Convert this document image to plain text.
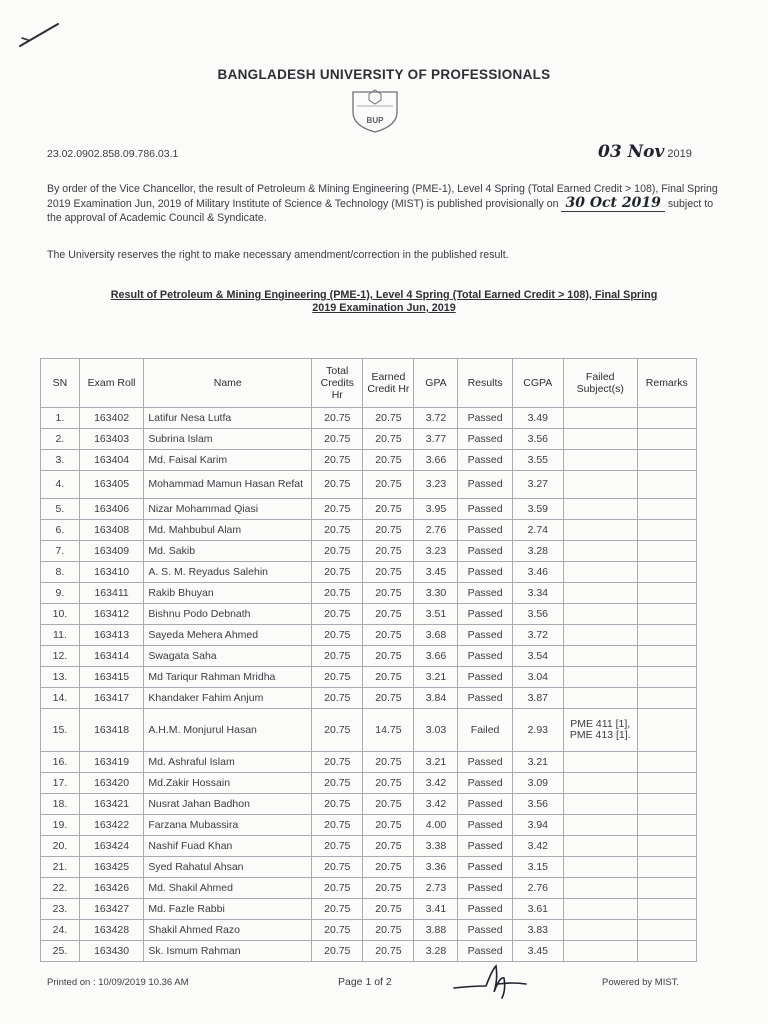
BANGLADESH UNIVERSITY OF PROFESSIONALS
BUP
23.02.0902.858.09.786.03.1	03 Nov 2019
By order of the Vice Chancellor, the result of Petroleum & Mining Engineering (PME-1), Level 4 Spring (Total Earned Credit > 108), Final Spring 2019 Examination Jun, 2019 of Military Institute of Science & Technology (MIST) is published provisionally on 30 Oct 2019 subject to the approval of Academic Council & Syndicate.
The University reserves the right to make necessary amendment/correction in the published result.
Result of Petroleum & Mining Engineering (PME-1), Level 4 Spring (Total Earned Credit > 108), Final Spring
2019 Examination Jun, 2019
SN	Exam Roll	Name	Total Credits Hr	Earned Credit Hr	GPA	Results	CGPA	Failed Subject(s)	Remarks
1.	163402	Latifur Nesa Lutfa	20.75	20.75	3.72	Passed	3.49		
2.	163403	Subrina Islam	20.75	20.75	3.77	Passed	3.56		
3.	163404	Md. Faisal Karim	20.75	20.75	3.66	Passed	3.55		
4.	163405	Mohammad Mamun Hasan Refat	20.75	20.75	3.23	Passed	3.27		
5.	163406	Nizar Mohammad Qiasi	20.75	20.75	3.95	Passed	3.59		
6.	163408	Md. Mahbubul Alam	20.75	20.75	2.76	Passed	2.74		
7.	163409	Md. Sakib	20.75	20.75	3.23	Passed	3.28		
8.	163410	A. S. M. Reyadus Salehin	20.75	20.75	3.45	Passed	3.46		
9.	163411	Rakib Bhuyan	20.75	20.75	3.30	Passed	3.34		
10.	163412	Bishnu Podo Debnath	20.75	20.75	3.51	Passed	3.56		
11.	163413	Sayeda Mehera Ahmed	20.75	20.75	3.68	Passed	3.72		
12.	163414	Swagata Saha	20.75	20.75	3.66	Passed	3.54		
13.	163415	Md Tariqur Rahman Mridha	20.75	20.75	3.21	Passed	3.04		
14.	163417	Khandaker Fahim Anjum	20.75	20.75	3.84	Passed	3.87		
15.	163418	A.H.M. Monjurul Hasan	20.75	14.75	3.03	Failed	2.93	PME 411 [1], PME 413 [1].	
16.	163419	Md. Ashraful Islam	20.75	20.75	3.21	Passed	3.21		
17.	163420	Md.Zakir Hossain	20.75	20.75	3.42	Passed	3.09		
18.	163421	Nusrat Jahan Badhon	20.75	20.75	3.42	Passed	3.56		
19.	163422	Farzana Mubassira	20.75	20.75	4.00	Passed	3.94		
20.	163424	Nashif Fuad Khan	20.75	20.75	3.38	Passed	3.42		
21.	163425	Syed Rahatul Ahsan	20.75	20.75	3.36	Passed	3.15		
22.	163426	Md. Shakil Ahmed	20.75	20.75	2.73	Passed	2.76		
23.	163427	Md. Fazle Rabbi	20.75	20.75	3.41	Passed	3.61		
24.	163428	Shakil Ahmed Razo	20.75	20.75	3.88	Passed	3.83		
25.	163430	Sk. Ismum Rahman	20.75	20.75	3.28	Passed	3.45		
Printed on : 10/09/2019 10.36 AM	Page 1 of 2	Powered by MIST.
